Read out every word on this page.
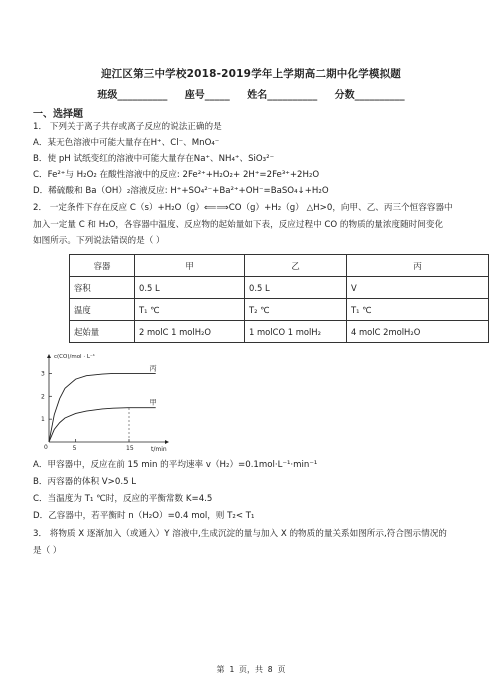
迎江区第三中学校2018-2019学年上学期高二期中化学模拟题
班级__________     座号_____     姓名__________     分数__________
一、选择题
1． 下列关于离子共存或离子反应的说法正确的是
A．某无色溶液中可能大量存在H⁺、Cl⁻、MnO₄⁻
B．使 pH 试纸变红的溶液中可能大量存在Na⁺、NH₄⁺、SiO₃²⁻
C．Fe²⁺与 H₂O₂ 在酸性溶液中的反应: 2Fe²⁺+H₂O₂+ 2H⁺=2Fe³⁺+2H₂O
D．稀硫酸和 Ba（OH）₂溶液反应: H⁺+SO₄²⁻+Ba²⁺+OH⁻=BaSO₄↓+H₂O
2． 一定条件下存在反应 C（s）+H₂O（g）⟸⟹CO（g）+H₂（g） △H>0，向甲、乙、丙三个恒容容器中
加入一定量 C 和 H₂O，各容器中温度、反应物的起始量如下表，反应过程中 CO 的物质的量浓度随时间变化
如图所示。下列说法错误的是（ ）
容器	甲	乙	丙
容积	0.5 L	0.5 L	V
温度	T₁ ℃	T₂ ℃	T₁ ℃
起始量	2 molC 1 molH₂O	1 molCO 1 molH₂	4 molC 2molH₂O
c(CO)/mol · L⁻¹
t/min
0
1
2
3
5	15
丙
甲
A．甲容器中，反应在前 15 min 的平均速率 v（H₂）=0.1mol·L⁻¹·min⁻¹
B．丙容器的体积 V>0.5 L
C．当温度为 T₁ ℃时，反应的平衡常数 K=4.5
D．乙容器中，若平衡时 n（H₂O）=0.4 mol，则 T₂< T₁
3． 将物质 X 逐渐加入（或通入）Y 溶液中,生成沉淀的量与加入 X 的物质的量关系如图所示,符合图示情况的
是（ ）
第 1 页，共 8 页
